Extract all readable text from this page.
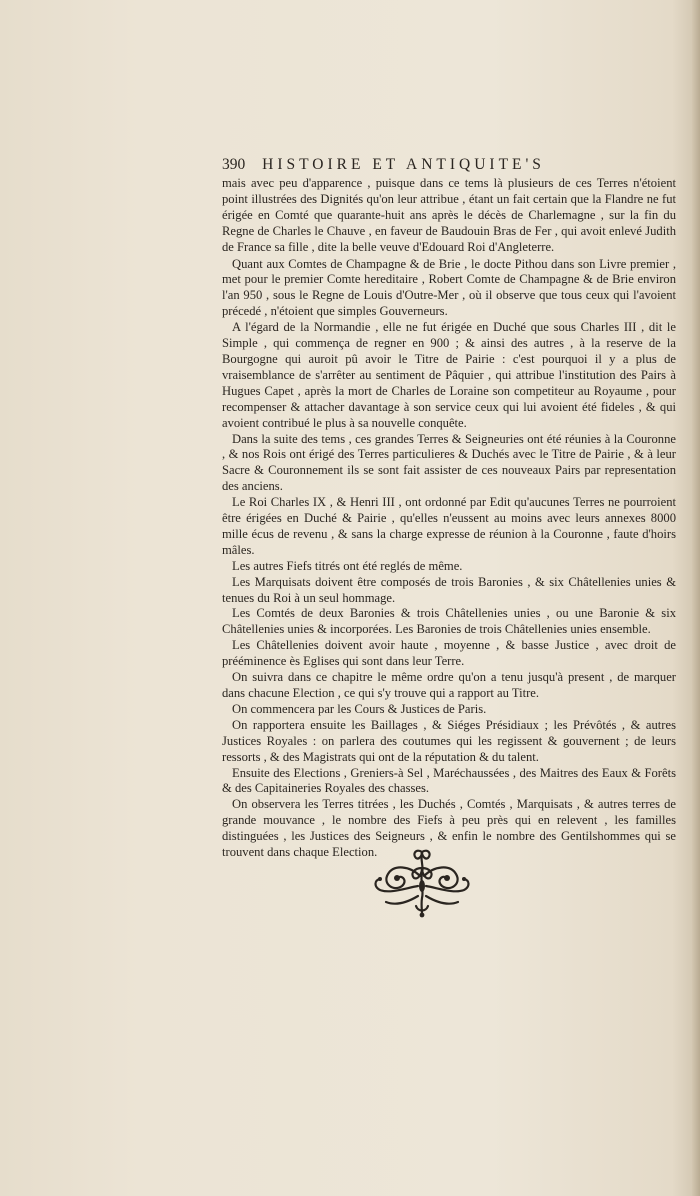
390 HISTOIRE ET ANTIQUITE'S

mais avec peu d'apparence , puisque dans ce tems là plusieurs de ces Terres n'étoient point illustrées des Dignités qu'on leur attribue , étant un fait certain que la Flandre ne fut érigée en Comté que quarante-huit ans après le décès de Charlemagne , sur la fin du Regne de Charles le Chauve , en faveur de Baudouin Bras de Fer , qui avoit enlevé Judith de France sa fille , dite la belle veuve d'Edouard Roi d'Angleterre.

Quant aux Comtes de Champagne & de Brie , le docte Pithou dans son Livre premier , met pour le premier Comte hereditaire , Robert Comte de Champagne & de Brie environ l'an 950 , sous le Regne de Louis d'Outre-Mer , où il observe que tous ceux qui l'avoient précedé , n'étoient que simples Gouverneurs.

A l'égard de la Normandie , elle ne fut érigée en Duché que sous Charles III , dit le Simple , qui commença de regner en 900 ; & ainsi des autres , à la reserve de la Bourgogne qui auroit pû avoir le Titre de Pairie : c'est pourquoi il y a plus de vraisemblance de s'arrêter au sentiment de Pâquier , qui attribue l'institution des Pairs à Hugues Capet , après la mort de Charles de Loraine son competiteur au Royaume , pour recompenser & attacher davantage à son service ceux qui lui avoient été fideles , & qui avoient contribué le plus à sa nouvelle conquête.

Dans la suite des tems , ces grandes Terres & Seigneuries ont été réunies à la Couronne , & nos Rois ont érigé des Terres particulieres & Duchés avec le Titre de Pairie , & à leur Sacre & Couronnement ils se sont fait assister de ces nouveaux Pairs par representation des anciens.

Le Roi Charles IX , & Henri III , ont ordonné par Edit qu'aucunes Terres ne pourroient être érigées en Duché & Pairie , qu'elles n'eussent au moins avec leurs annexes 8000 mille écus de revenu , & sans la charge expresse de réunion à la Couronne , faute d'hoirs mâles.

Les autres Fiefs titrés ont été reglés de même.

Les Marquisats doivent être composés de trois Baronies , & six Châtellenies unies & tenues du Roi à un seul hommage.

Les Comtés de deux Baronies & trois Châtellenies unies , ou une Baronie & six Châtellenies unies & incorporées. Les Baronies de trois Châtellenies unies ensemble.

Les Châtellenies doivent avoir haute , moyenne , & basse Justice , avec droit de prééminence ès Eglises qui sont dans leur Terre.

On suivra dans ce chapitre le même ordre qu'on a tenu jusqu'à present , de marquer dans chacune Election , ce qui s'y trouve qui a rapport au Titre.

On commencera par les Cours & Justices de Paris.

On rapportera ensuite les Baillages , & Siéges Présidiaux ; les Prévôtés , & autres Justices Royales : on parlera des coutumes qui les regissent & gouvernent ; de leurs ressorts , & des Magistrats qui ont de la réputation & du talent.

Ensuite des Elections , Greniers-à Sel , Maréchaussées , des Maitres des Eaux & Forêts & des Capitaineries Royales des chasses.

On observera les Terres titrées , les Duchés , Comtés , Marquisats , & autres terres de grande mouvance , le nombre des Fiefs à peu près qui en relevent , les familles distinguées , les Justices des Seigneurs , & enfin le nombre des Gentilshommes qui se trouvent dans chaque Election.
